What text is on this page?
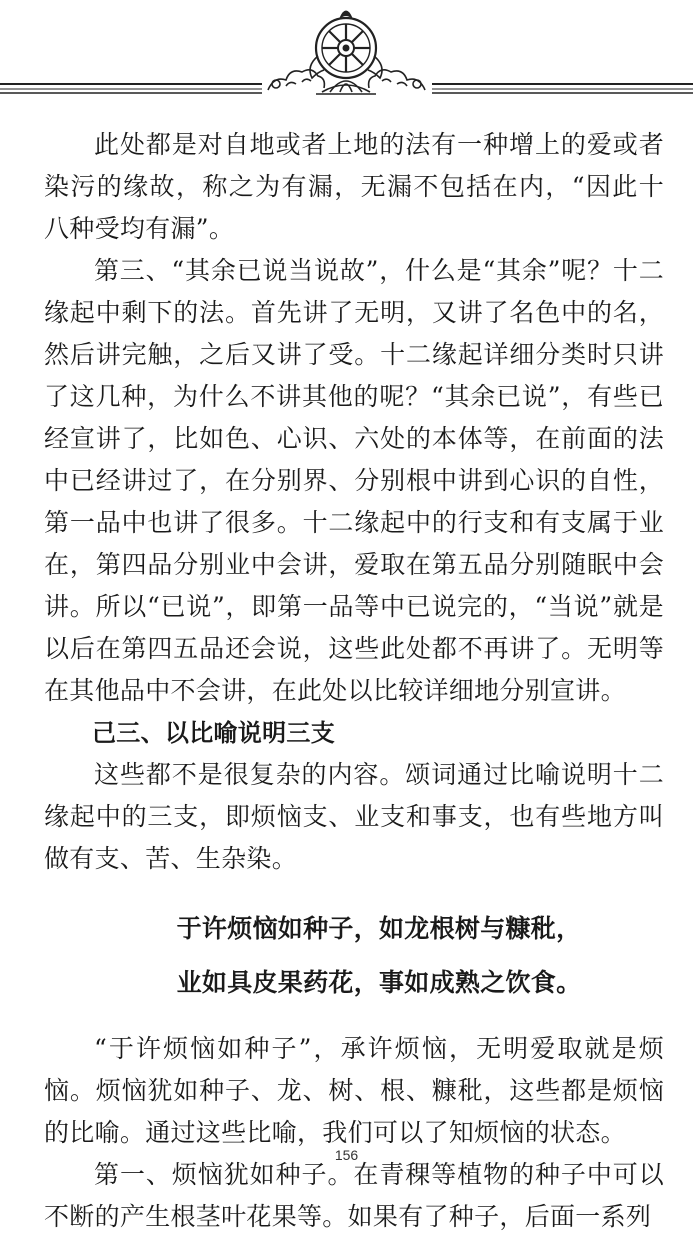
此处都是对自地或者上地的法有一种增上的爱或者染污的缘故，称之为有漏，无漏不包括在内，“因此十八种受均有漏”。

第三、“其余已说当说故”，什么是“其余”呢？十二缘起中剩下的法。首先讲了无明，又讲了名色中的名，然后讲完触，之后又讲了受。十二缘起详细分类时只讲了这几种，为什么不讲其他的呢？“其余已说”，有些已经宣讲了，比如色、心识、六处的本体等，在前面的法中已经讲过了，在分别界、分别根中讲到心识的自性，第一品中也讲了很多。十二缘起中的行支和有支属于业在，第四品分别业中会讲，爱取在第五品分别随眠中会讲。所以“已说”，即第一品等中已说完的，“当说”就是以后在第四五品还会说，这些此处都不再讲了。无明等在其他品中不会讲，在此处以比较详细地分别宣讲。

己三、以比喻说明三支

这些都不是很复杂的内容。颂词通过比喻说明十二缘起中的三支，即烦恼支、业支和事支，也有些地方叫做有支、苦、生杂染。

于许烦恼如种子，如龙根树与糠秕，

业如具皮果药花，事如成熟之饮食。

“于许烦恼如种子”，承许烦恼，无明爱取就是烦恼。烦恼犹如种子、龙、树、根、糠秕，这些都是烦恼的比喻。通过这些比喻，我们可以了知烦恼的状态。

第一、烦恼犹如种子。在青稞等植物的种子中可以不断的产生根茎叶花果等。如果有了种子，后面一系列

156
